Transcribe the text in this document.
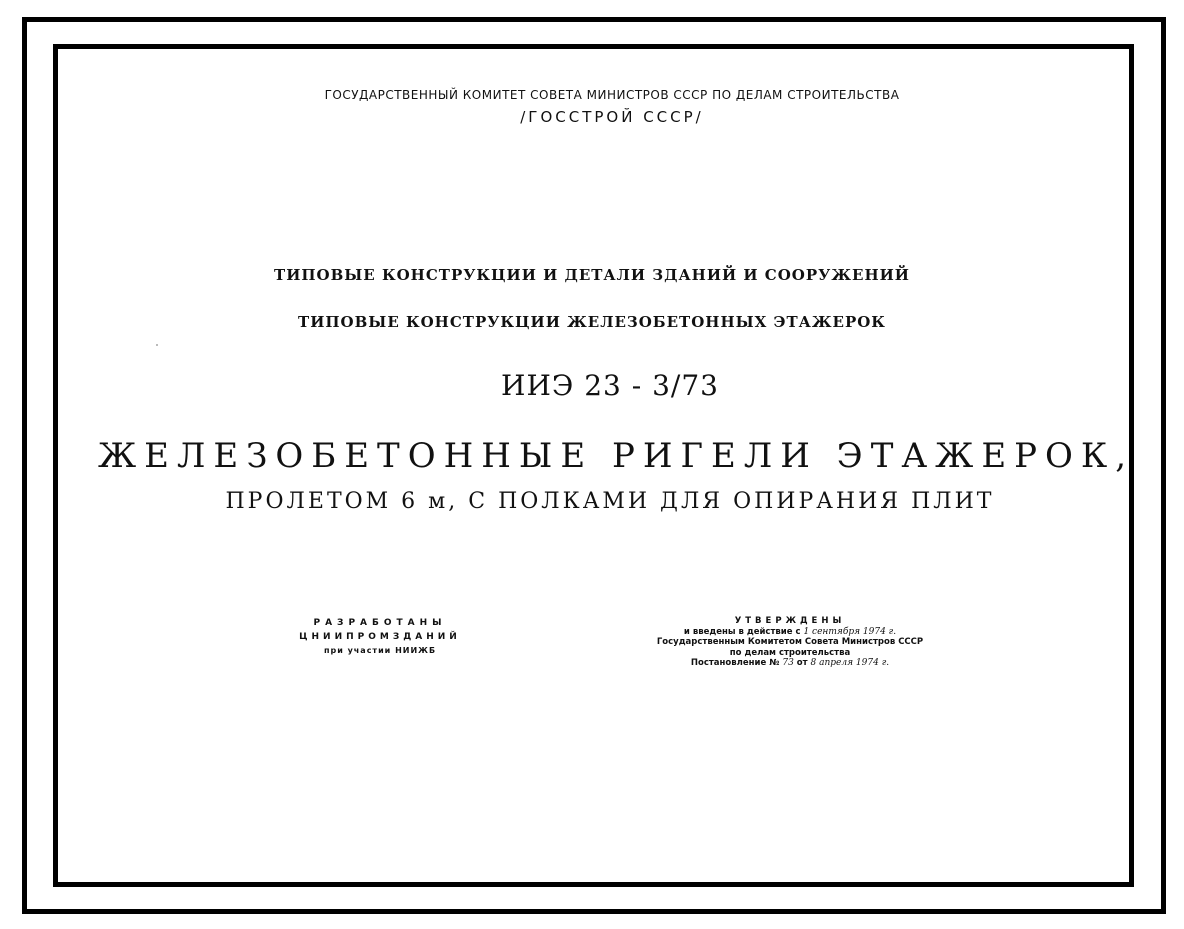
ГОСУДАРСТВЕННЫЙ КОМИТЕТ СОВЕТА МИНИСТРОВ СССР ПО ДЕЛАМ СТРОИТЕЛЬСТВА
/ГОССТРОЙ СССР/
ТИПОВЫЕ КОНСТРУКЦИИ И ДЕТАЛИ ЗДАНИЙ И СООРУЖЕНИЙ
ТИПОВЫЕ КОНСТРУКЦИИ ЖЕЛЕЗОБЕТОННЫХ ЭТАЖЕРОК
ИИЭ 23 - 3/73
ЖЕЛЕЗОБЕТОННЫЕ РИГЕЛИ ЭТАЖЕРОК,
ПРОЛЕТОМ 6 м, С ПОЛКАМИ ДЛЯ ОПИРАНИЯ ПЛИТ
РАЗРАБОТАНЫ
ЦНИИПРОМЗДАНИЙ
при участии НИИЖБ
УТВЕРЖДЕНЫ
и введены в действие с 1 сентября 1974 г.
Государственным Комитетом Совета Министров СССР
по делам строительства
Постановление № 73 от 8 апреля 1974 г.
